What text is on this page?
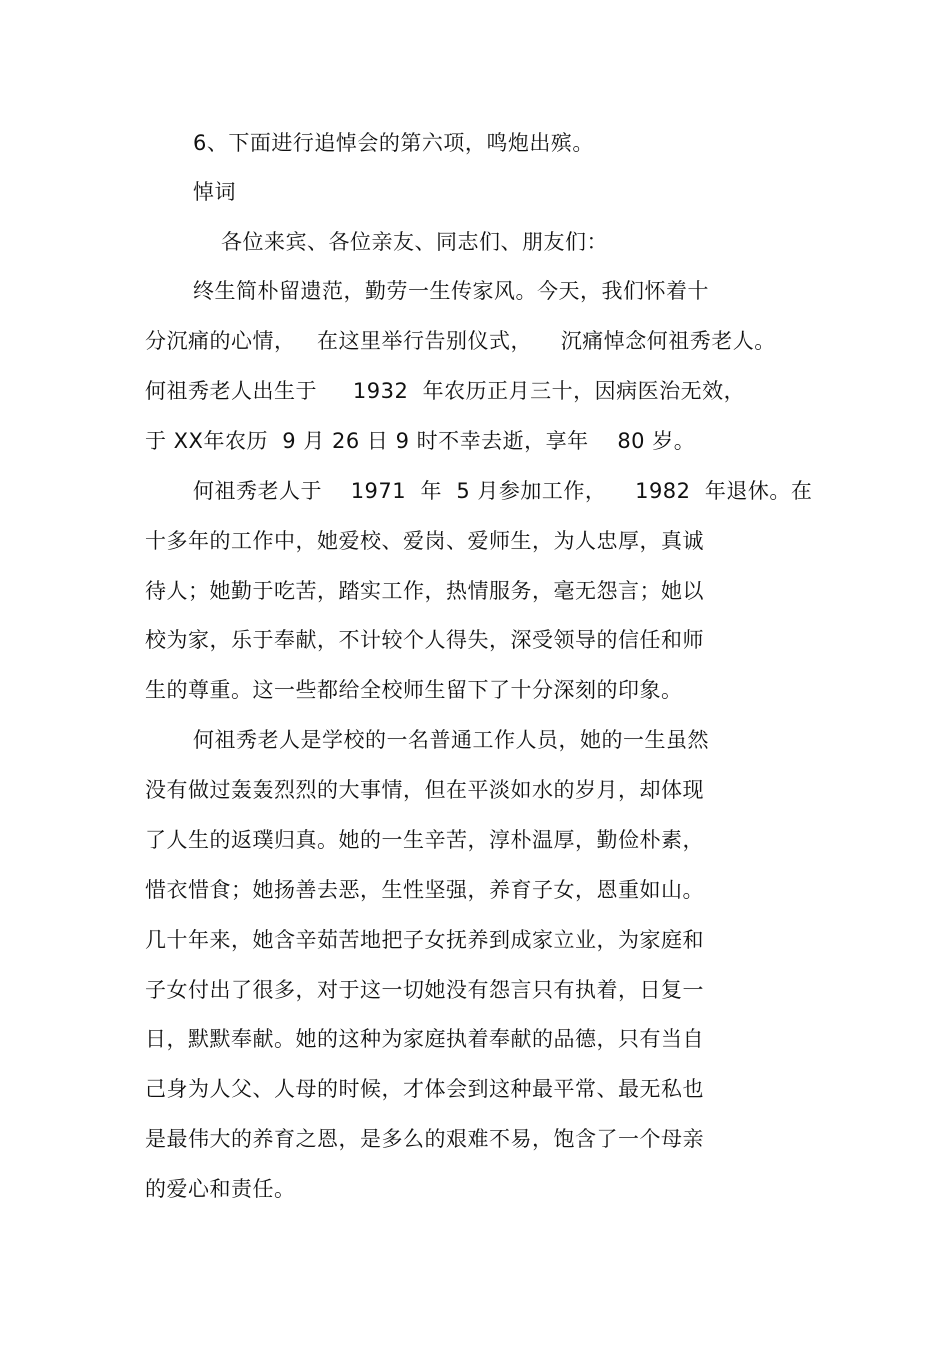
6、下面进行追悼会的第六项，鸣炮出殡。
悼词
各位来宾、各位亲友、同志们、朋友们：
终生简朴留遗范，勤劳一生传家风。今天，我们怀着十
分沉痛的心情，   在这里举行告别仪式，    沉痛悼念何祖秀老人。
何祖秀老人出生于     1932  年农历正月三十，因病医治无效，
于 XX年农历  9 月 26 日 9 时不幸去逝，享年    80 岁。
何祖秀老人于    1971  年  5 月参加工作，    1982  年退休。在
十多年的工作中，她爱校、爱岗、爱师生，为人忠厚，真诚
待人；她勤于吃苦，踏实工作，热情服务，毫无怨言；她以
校为家，乐于奉献，不计较个人得失，深受领导的信任和师
生的尊重。这一些都给全校师生留下了十分深刻的印象。
何祖秀老人是学校的一名普通工作人员，她的一生虽然
没有做过轰轰烈烈的大事情，但在平淡如水的岁月，却体现
了人生的返璞归真。她的一生辛苦，淳朴温厚，勤俭朴素，
惜衣惜食；她扬善去恶，生性坚强，养育子女，恩重如山。
几十年来，她含辛茹苦地把子女抚养到成家立业，为家庭和
子女付出了很多，对于这一切她没有怨言只有执着，日复一
日，默默奉献。她的这种为家庭执着奉献的品德，只有当自
己身为人父、人母的时候，才体会到这种最平常、最无私也
是最伟大的养育之恩，是多么的艰难不易，饱含了一个母亲
的爱心和责任。
